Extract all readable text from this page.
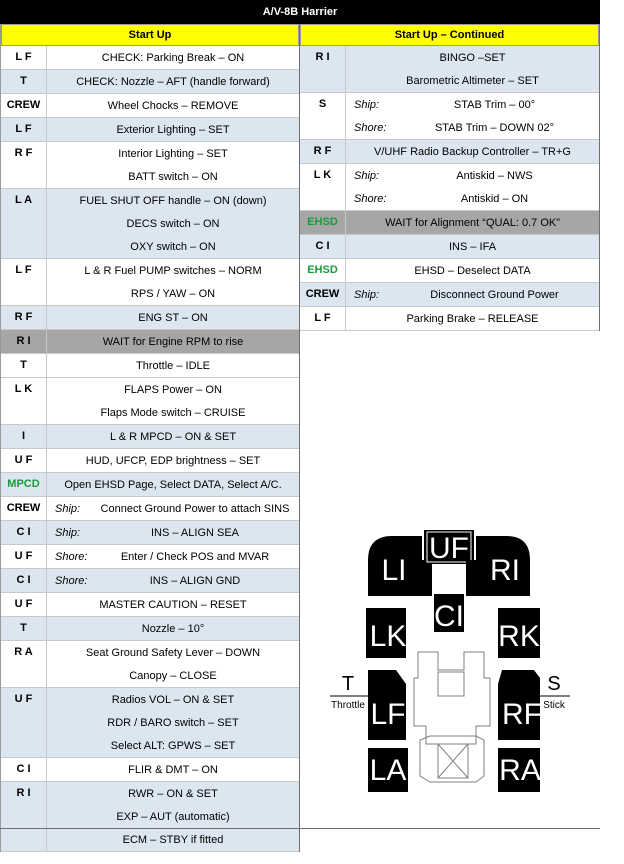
A/V-8B Harrier
Start Up
L F	CHECK: Parking Break – ON
T	CHECK: Nozzle – AFT (handle forward)
CREW	Wheel Chocks – REMOVE
L F	Exterior Lighting – SET
R F	Interior Lighting – SET
BATT switch – ON
L A	FUEL SHUT OFF handle – ON (down)
DECS switch – ON
OXY switch – ON
L F	L & R Fuel PUMP switches – NORM
RPS / YAW – ON
R F	ENG ST – ON
R I	WAIT for Engine RPM to rise
T	Throttle – IDLE
L K	FLAPS Power – ON
Flaps Mode switch – CRUISE
I	L & R MPCD – ON & SET
U F	HUD, UFCP, EDP brightness – SET
MPCD	Open EHSD Page, Select DATA, Select A/C.
CREW	Ship:	Connect Ground Power to attach SINS
C I	Ship:	INS – ALIGN SEA
U F	Shore:	Enter / Check POS and MVAR
C I	Shore:	INS – ALIGN GND
U F	MASTER CAUTION – RESET
T	Nozzle – 10°
R A	Seat Ground Safety Lever – DOWN
Canopy – CLOSE
U F	Radios VOL – ON & SET
RDR / BARO switch – SET
Select ALT: GPWS – SET
C I	FLIR & DMT – ON
R I	RWR – ON & SET
EXP – AUT (automatic)
ECM – STBY if fitted
Start Up – Continued
R I	BINGO –SET
Barometric Altimeter – SET
S	Ship:	STAB Trim – 00°
Shore:	STAB Trim – DOWN 02°
R F	V/UHF Radio Backup Controller – TR+G
L K	Ship:	Antiskid – NWS
Shore:	Antiskid – ON
EHSD	WAIT for Alignment “QUAL: 0.7 OK”
C I	INS – IFA
EHSD	EHSD – Deselect DATA
CREW	Ship:	Disconnect Ground Power
L F	Parking Brake – RELEASE
T
Throttle
S
Stick
LI
UF
RI
CI
LK	RK
LF	RF
LA	RA
